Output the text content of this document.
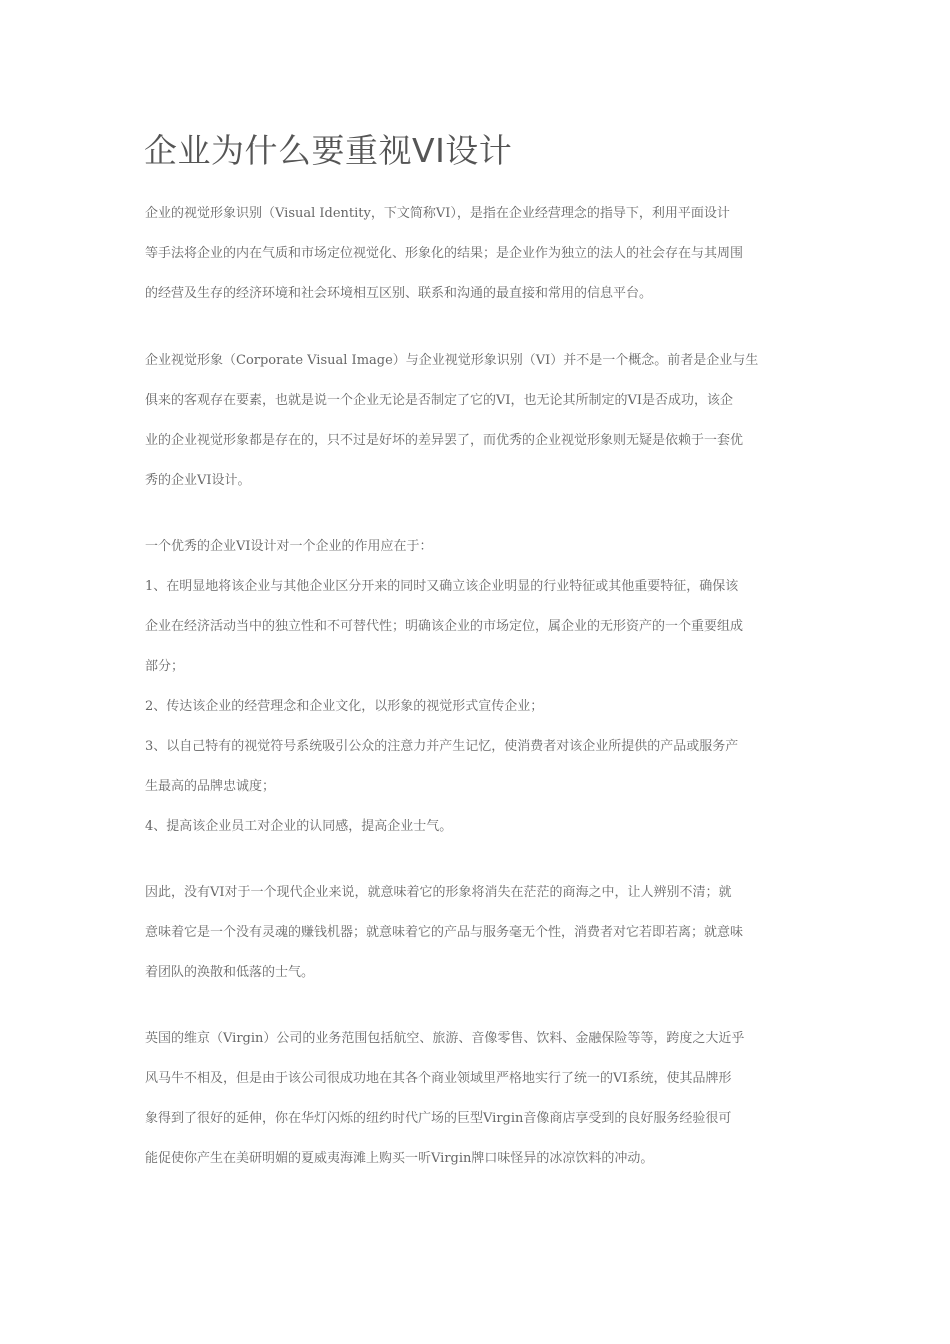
企业为什么要重视VI设计
企业的视觉形象识别（Visual Identity，下文简称VI），是指在企业经营理念的指导下，利用平面设计
等手法将企业的内在气质和市场定位视觉化、形象化的结果；是企业作为独立的法人的社会存在与其周围
的经营及生存的经济环境和社会环境相互区别、联系和沟通的最直接和常用的信息平台。
企业视觉形象（Corporate Visual Image）与企业视觉形象识别（VI）并不是一个概念。前者是企业与生
俱来的客观存在要素，也就是说一个企业无论是否制定了它的VI，也无论其所制定的VI是否成功，该企
业的企业视觉形象都是存在的，只不过是好坏的差异罢了，而优秀的企业视觉形象则无疑是依赖于一套优
秀的企业VI设计。
一个优秀的企业VI设计对一个企业的作用应在于：
1、在明显地将该企业与其他企业区分开来的同时又确立该企业明显的行业特征或其他重要特征，确保该
企业在经济活动当中的独立性和不可替代性；明确该企业的市场定位，属企业的无形资产的一个重要组成
部分；
2、传达该企业的经营理念和企业文化，以形象的视觉形式宣传企业；
3、以自己特有的视觉符号系统吸引公众的注意力并产生记忆，使消费者对该企业所提供的产品或服务产
生最高的品牌忠诚度；
4、提高该企业员工对企业的认同感，提高企业士气。
因此，没有VI对于一个现代企业来说，就意味着它的形象将消失在茫茫的商海之中，让人辨别不清；就
意味着它是一个没有灵魂的赚钱机器；就意味着它的产品与服务毫无个性，消费者对它若即若离；就意味
着团队的涣散和低落的士气。
英国的维京（Virgin）公司的业务范围包括航空、旅游、音像零售、饮料、金融保险等等，跨度之大近乎
风马牛不相及，但是由于该公司很成功地在其各个商业领域里严格地实行了统一的VI系统，使其品牌形
象得到了很好的延伸，你在华灯闪烁的纽约时代广场的巨型Virgin音像商店享受到的良好服务经验很可
能促使你产生在美研明媚的夏威夷海滩上购买一听Virgin牌口味怪异的冰凉饮料的冲动。
